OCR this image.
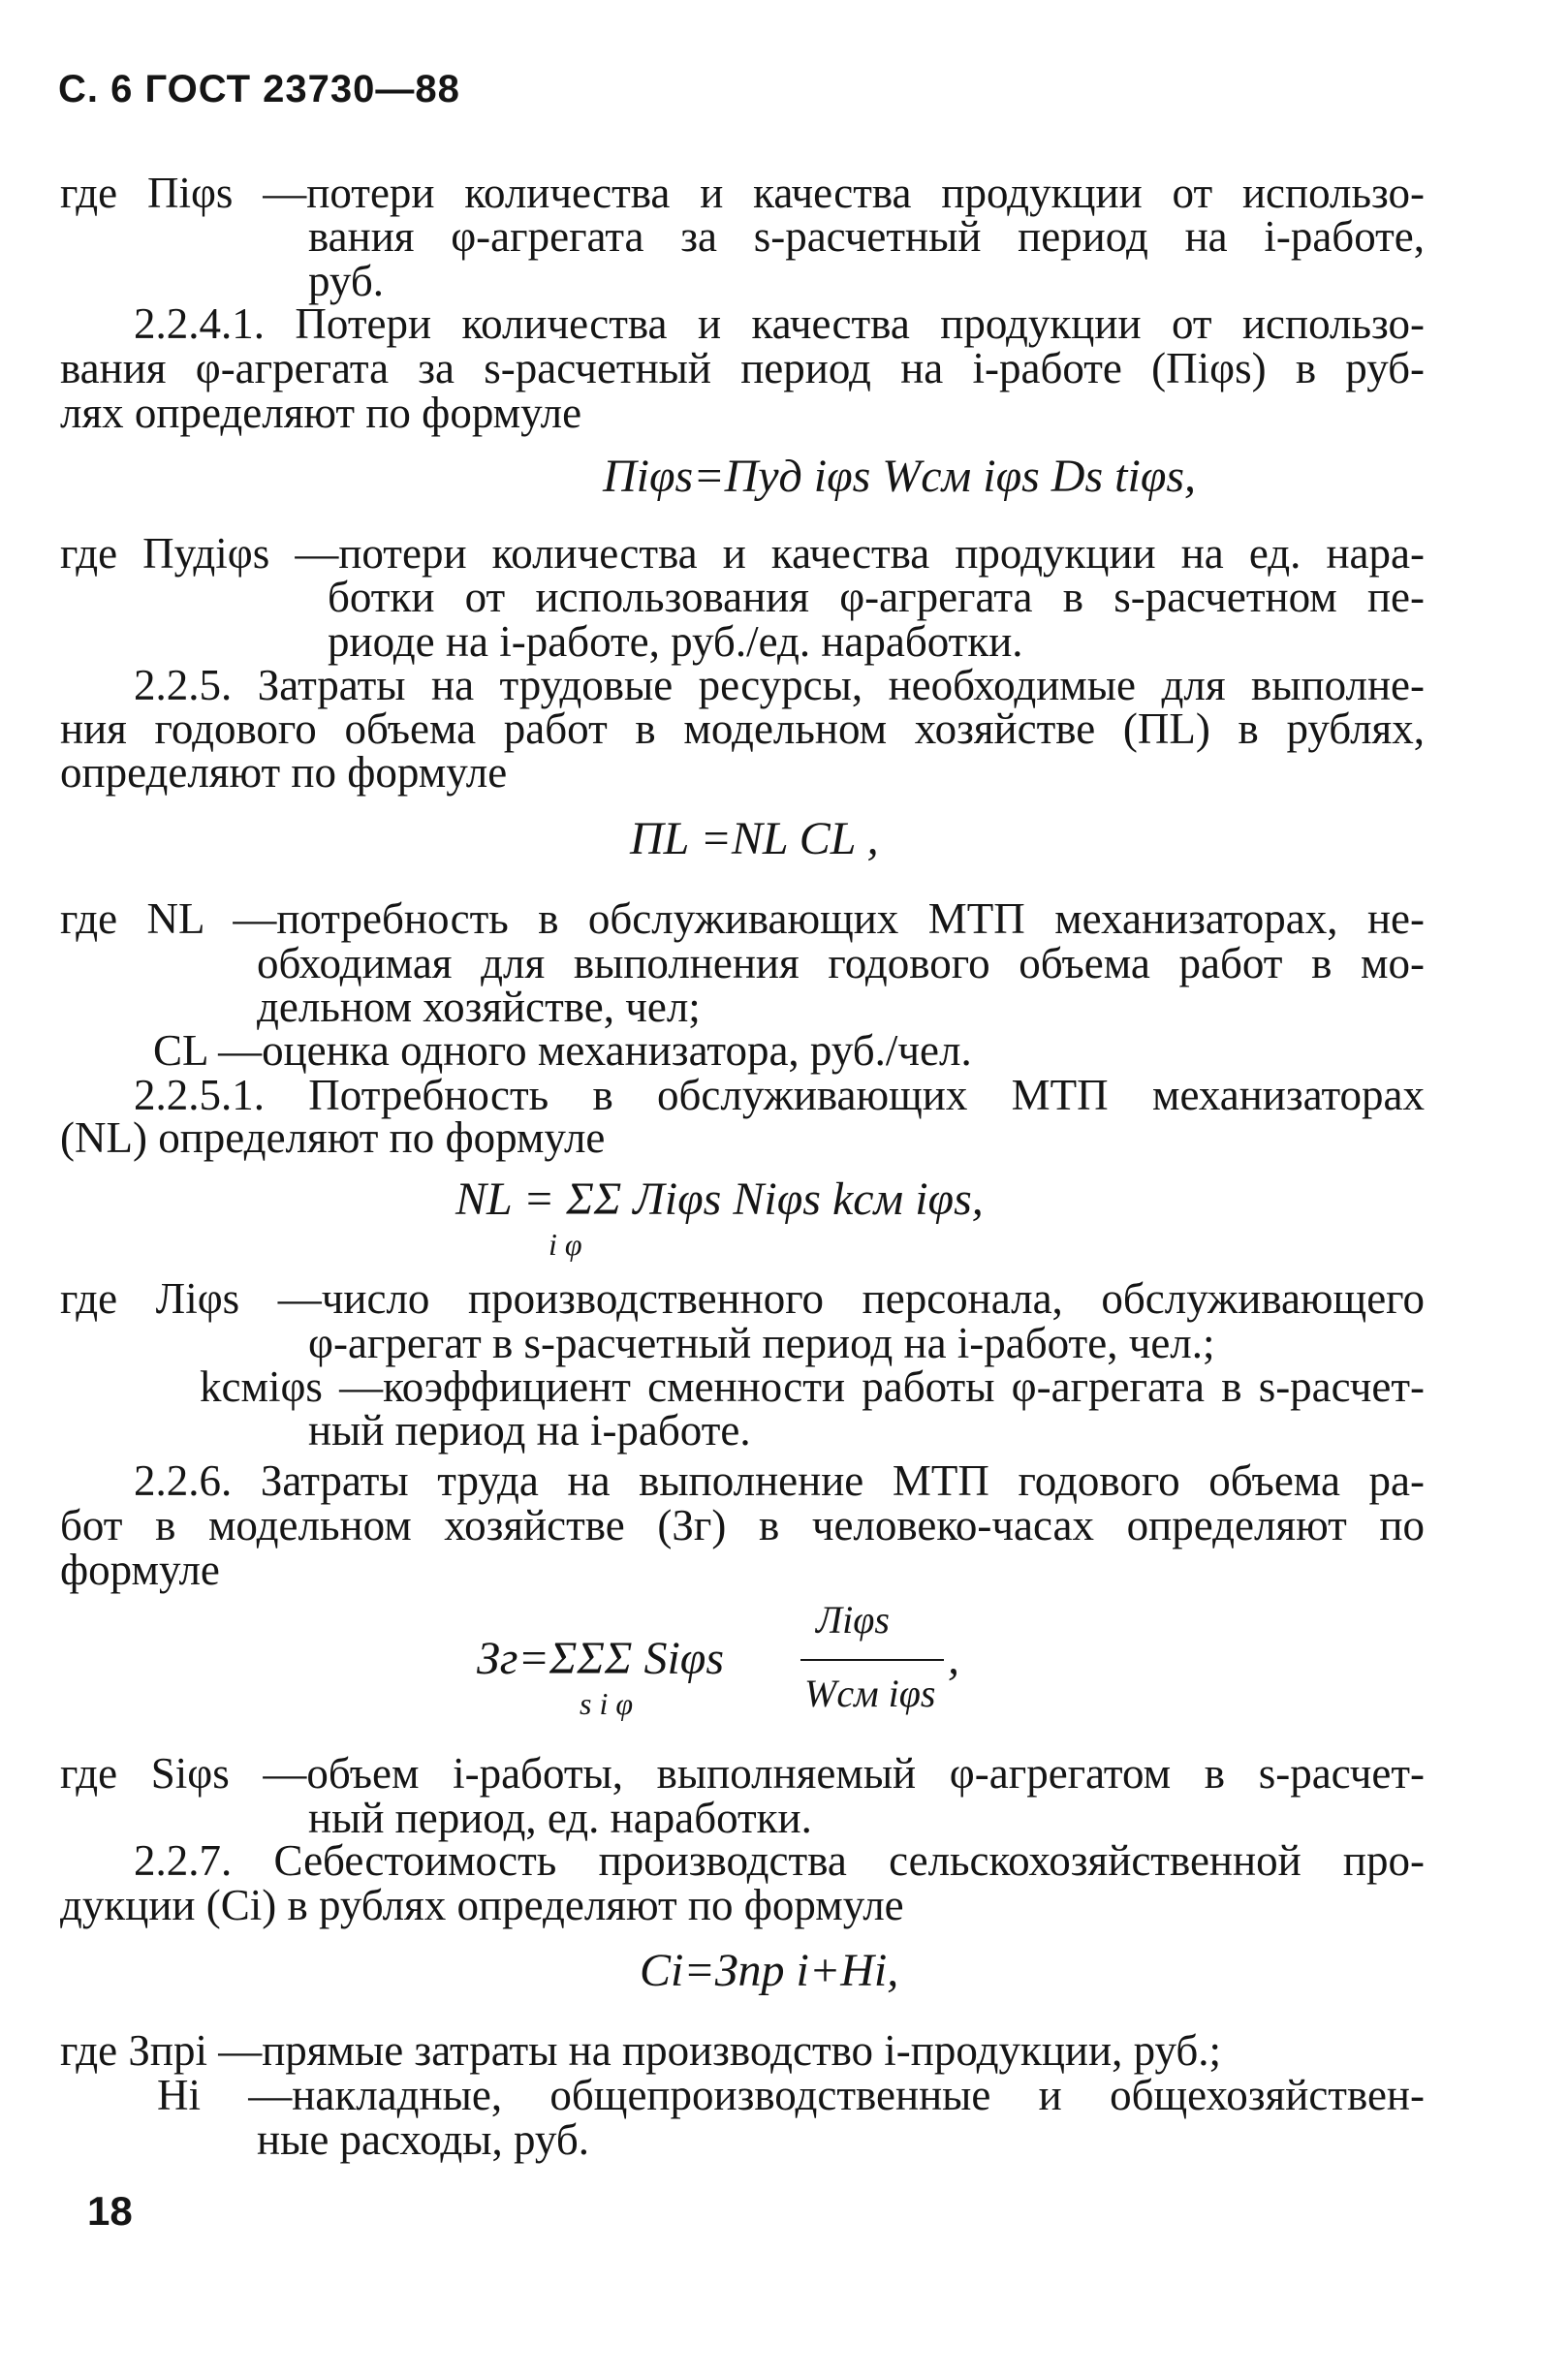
С. 6 ГОСТ 23730—88
где Пiφs —потери количества и качества продукции от использо-
вания φ-агрегата за s-расчетный период на i-работе,
руб.
2.2.4.1. Потери количества и качества продукции от использо-
вания φ-агрегата за s-расчетный период на i-работе (Пiφs) в руб-
лях определяют по формуле
Пiφs=Пуд iφs Wсм iφs Ds tiφs,
где Пудiφs —потери количества и качества продукции на ед. нара-
ботки от использования φ-агрегата в s-расчетном пе-
риоде на i-работе, руб./ед. наработки.
2.2.5. Затраты на трудовые ресурсы, необходимые для выполне-
ния годового объема работ в модельном хозяйстве (ПL) в рублях,
определяют по формуле
ПL =NL CL ,
где NL —потребность в обслуживающих МТП механизаторах, не-
обходимая для выполнения годового объема работ в мо-
дельном хозяйстве, чел;
CL —оценка одного механизатора, руб./чел.
2.2.5.1. Потребность в обслуживающих МТП механизаторах
(NL) определяют по формуле
NL = ΣΣ Лiφs Niφs kсм iφs,
i φ
где Лiφs —число производственного персонала, обслуживающего
φ-агрегат в s-расчетный период на i-работе, чел.;
kсмiφs —коэффициент сменности работы φ-агрегата в s-расчет-
ный период на i-работе.
2.2.6. Затраты труда на выполнение МТП годового объема ра-
бот в модельном хозяйстве (Зг) в человеко-часах определяют по
формуле
Лiφs
Зг=ΣΣΣ Siφs	,
Wсм iφs
s i φ
где Siφs —объем i-работы, выполняемый φ-агрегатом в s-расчет-
ный период, ед. наработки.
2.2.7. Себестоимость производства сельскохозяйственной про-
дукции (Ci) в рублях определяют по формуле
Ci=Зпр i+Hi,
где Зпрi —прямые затраты на производство i-продукции, руб.;
Hi —накладные, общепроизводственные и общехозяйствен-
ные расходы, руб.
18
